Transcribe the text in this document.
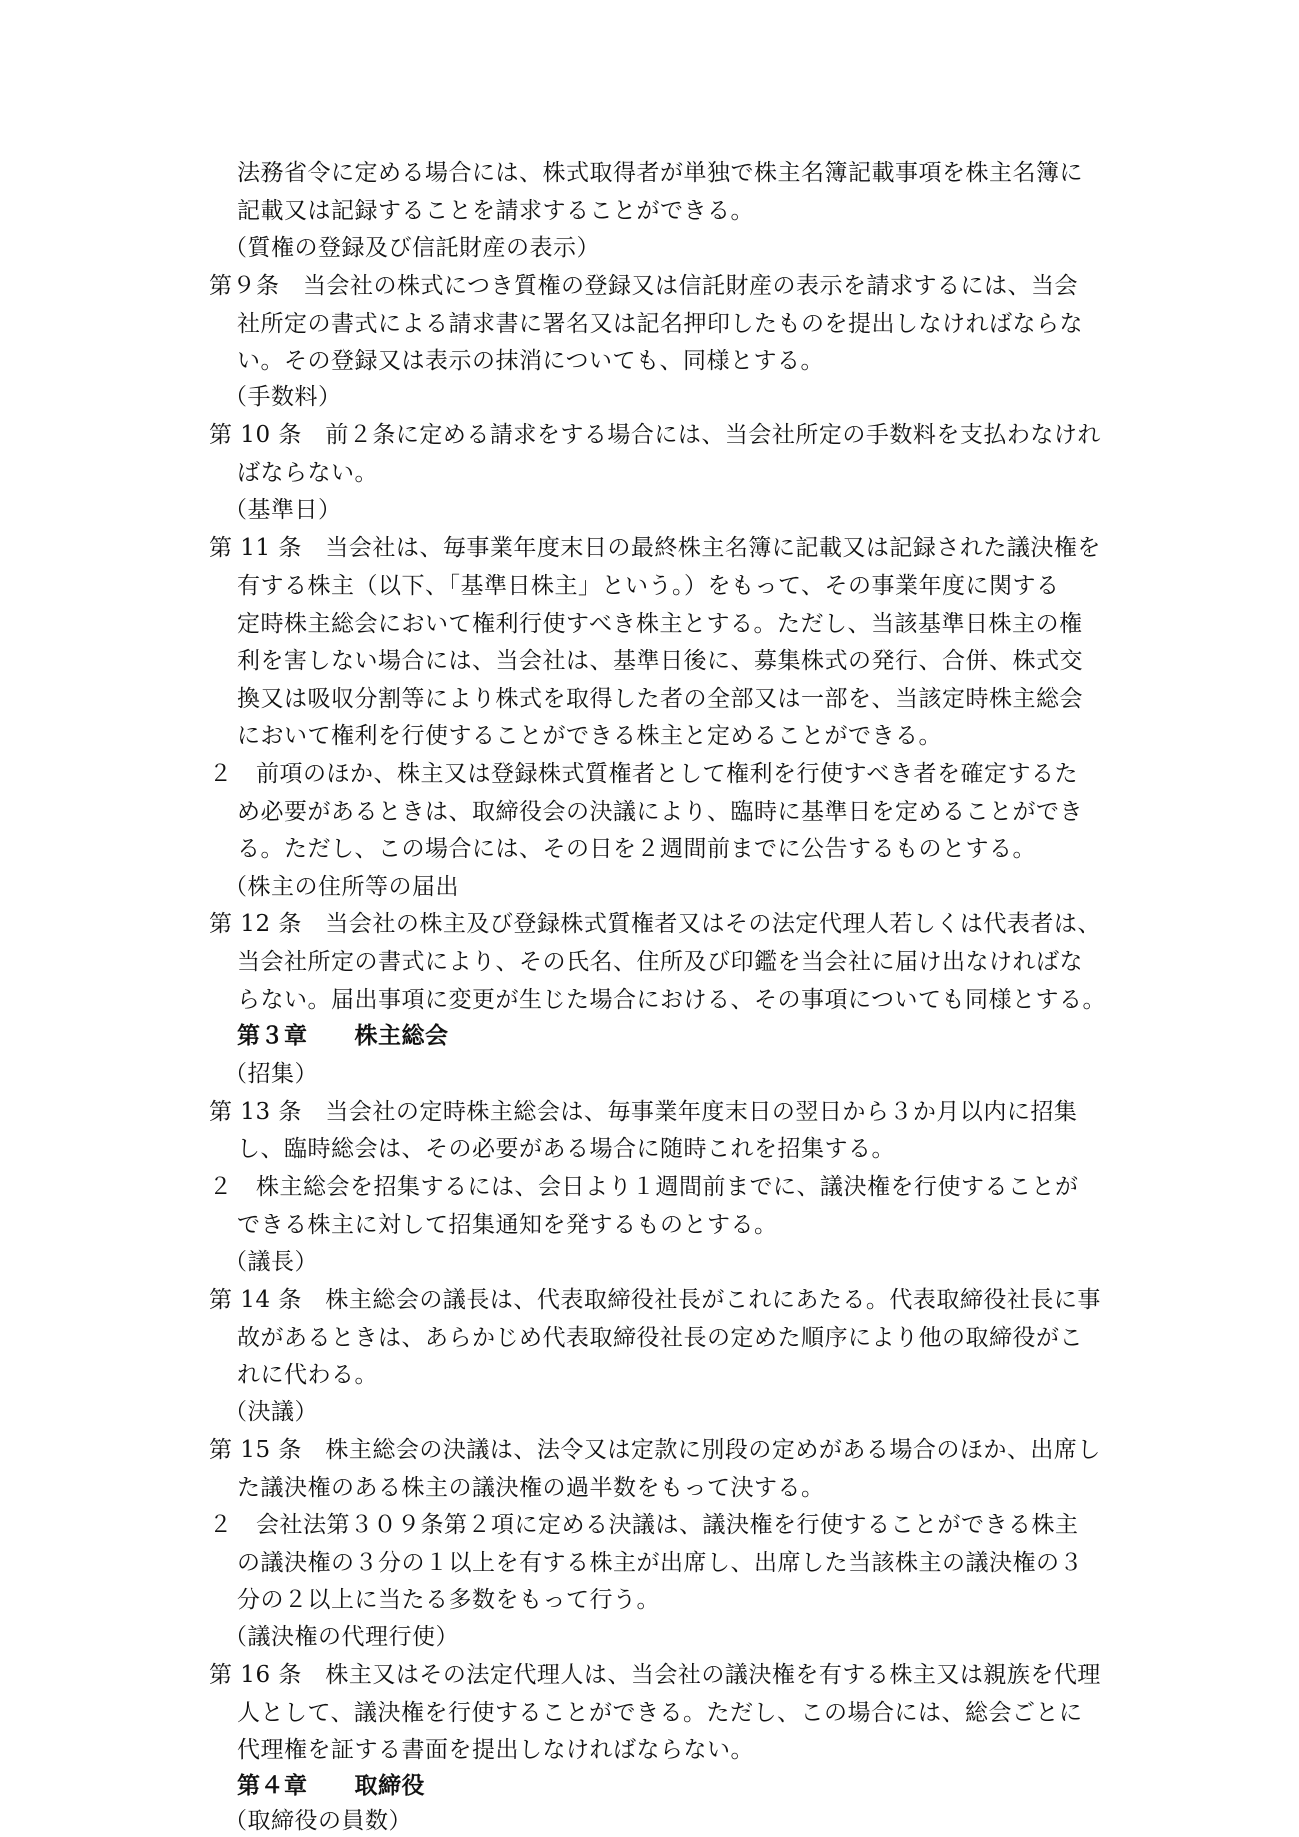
法務省令に定める場合には、株式取得者が単独で株主名簿記載事項を株主名簿に
記載又は記録することを請求することができる。
（質権の登録及び信託財産の表示）
第９条　当会社の株式につき質権の登録又は信託財産の表示を請求するには、当会
社所定の書式による請求書に署名又は記名押印したものを提出しなければならな
い。その登録又は表示の抹消についても、同様とする。
（手数料）
第 10 条　前２条に定める請求をする場合には、当会社所定の手数料を支払わなけれ
ばならない。
（基準日）
第 11 条　当会社は、毎事業年度末日の最終株主名簿に記載又は記録された議決権を
有する株主（以下、「基準日株主」という。）をもって、その事業年度に関する
定時株主総会において権利行使すべき株主とする。ただし、当該基準日株主の権
利を害しない場合には、当会社は、基準日後に、募集株式の発行、合併、株式交
換又は吸収分割等により株式を取得した者の全部又は一部を、当該定時株主総会
において権利を行使することができる株主と定めることができる。
２　前項のほか、株主又は登録株式質権者として権利を行使すべき者を確定するた
め必要があるときは、取締役会の決議により、臨時に基準日を定めることができ
る。ただし、この場合には、その日を２週間前までに公告するものとする。
（株主の住所等の届出
第 12 条　当会社の株主及び登録株式質権者又はその法定代理人若しくは代表者は、
当会社所定の書式により、その氏名、住所及び印鑑を当会社に届け出なければな
らない。届出事項に変更が生じた場合における、その事項についても同様とする。
第３章　　株主総会
（招集）
第 13 条　当会社の定時株主総会は、毎事業年度末日の翌日から３か月以内に招集
し、臨時総会は、その必要がある場合に随時これを招集する。
２　株主総会を招集するには、会日より１週間前までに、議決権を行使することが
できる株主に対して招集通知を発するものとする。
（議長）
第 14 条　株主総会の議長は、代表取締役社長がこれにあたる。代表取締役社長に事
故があるときは、あらかじめ代表取締役社長の定めた順序により他の取締役がこ
れに代わる。
（決議）
第 15 条　株主総会の決議は、法令又は定款に別段の定めがある場合のほか、出席し
た議決権のある株主の議決権の過半数をもって決する。
２　会社法第３０９条第２項に定める決議は、議決権を行使することができる株主
の議決権の３分の１以上を有する株主が出席し、出席した当該株主の議決権の３
分の２以上に当たる多数をもって行う。
（議決権の代理行使）
第 16 条　株主又はその法定代理人は、当会社の議決権を有する株主又は親族を代理
人として、議決権を行使することができる。ただし、この場合には、総会ごとに
代理権を証する書面を提出しなければならない。
第４章　　取締役
（取締役の員数）
